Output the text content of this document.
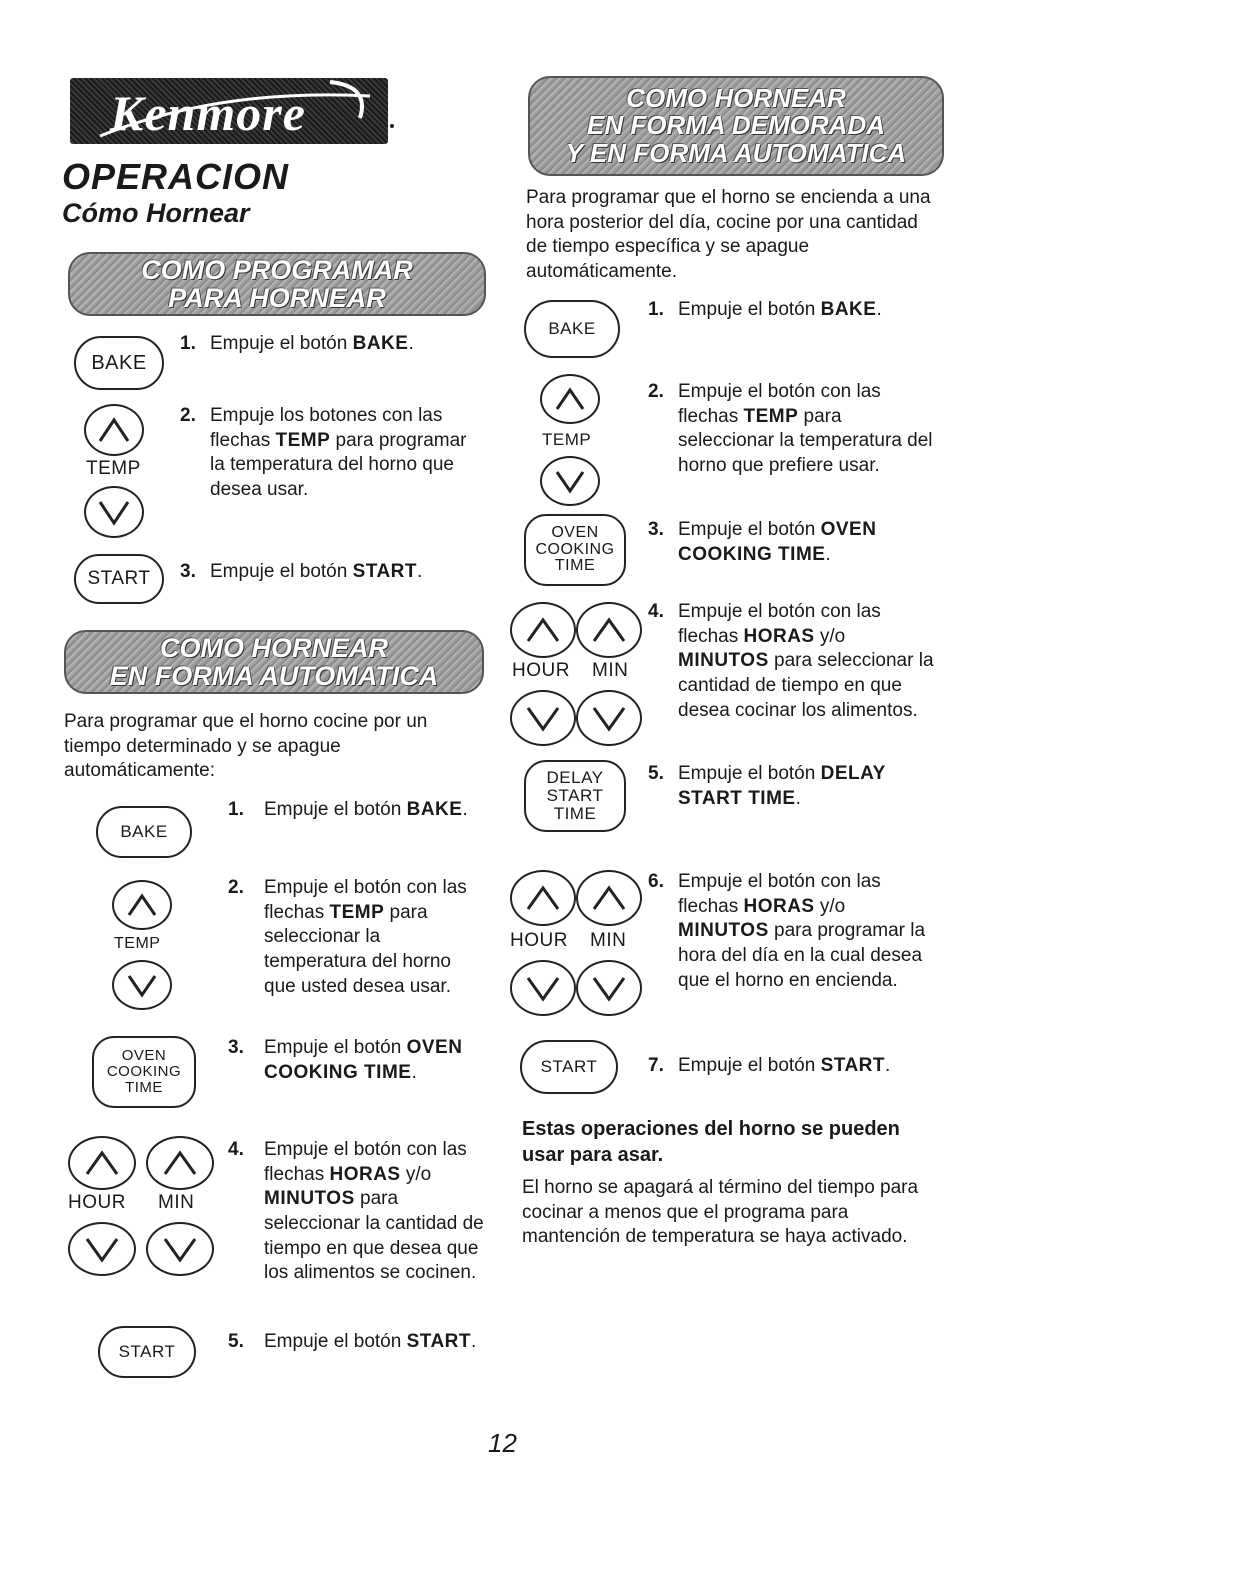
Kenmore
OPERACION
Cómo Hornear
COMO PROGRAMAR
PARA HORNEAR
BAKE
TEMP
START
1. Empuje el botón BAKE.
2. Empuje los botones con las flechas TEMP para programar la temperatura del horno que desea usar.
3. Empuje el botón START.
COMO HORNEAR
EN FORMA AUTOMATICA
Para programar que el horno cocine por un tiempo determinado y se apague automáticamente:
BAKE
TEMP
OVEN
COOKING
TIME
HOUR MIN
START
1.	Empuje el botón BAKE.
2.	Empuje el botón con las flechas TEMP para seleccionar la temperatura del horno que usted desea usar.
3.	Empuje el botón OVEN COOKING TIME.
4.	Empuje el botón con las flechas HORAS y/o MINUTOS para seleccionar la cantidad de tiempo en que desea que los alimentos se cocinen.
5.	Empuje el botón START.
COMO HORNEAR
EN FORMA DEMORADA
Y EN FORMA AUTOMATICA
Para programar que el horno se encienda a una hora posterior del día, cocine por una cantidad de tiempo específica y se apague automáticamente.
BAKE
TEMP
OVEN
COOKING
TIME
HOUR MIN
DELAY
START
TIME
HOUR MIN
START
1. Empuje el botón BAKE.
2. Empuje el botón con las flechas TEMP para seleccionar la temperatura del horno que prefiere usar.
3. Empuje el botón OVEN COOKING TIME.
4. Empuje el botón con las flechas HORAS y/o MINUTOS para seleccionar la cantidad de tiempo en que desea cocinar los alimentos.
5. Empuje el botón DELAY START TIME.
6. Empuje el botón con las flechas HORAS y/o MINUTOS para programar la hora del día en la cual desea que el horno en encienda.
7. Empuje el botón START.
Estas operaciones del horno se pueden usar para asar.
El horno se apagará al término del tiempo para cocinar a menos que el programa para mantención de temperatura se haya activado.
12
